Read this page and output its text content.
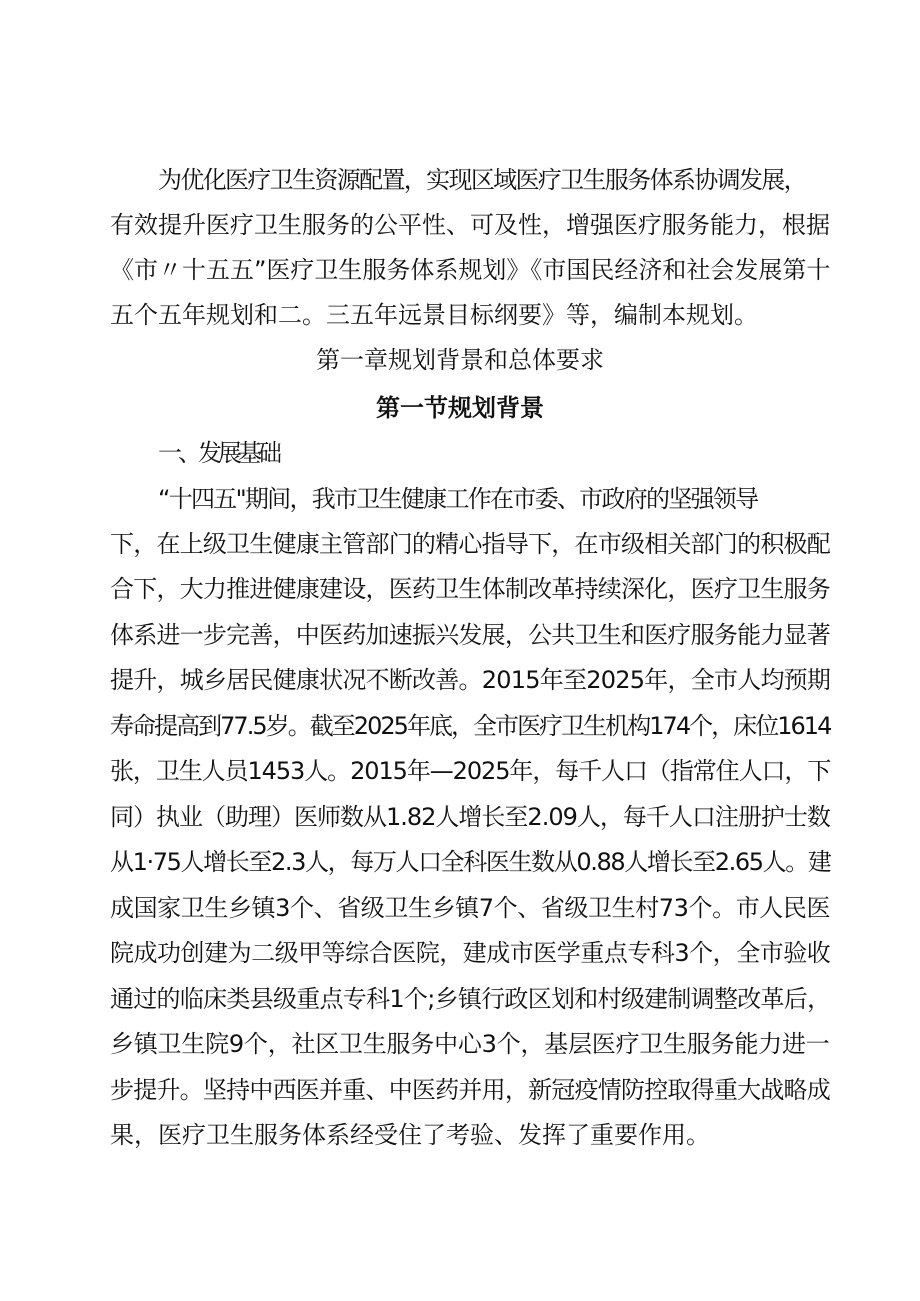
为优化医疗卫生资源配置，实现区域医疗卫生服务体系协调发展，
有效提升医疗卫生服务的公平性、可及性，增强医疗服务能力，根据
《市〃十五五”医疗卫生服务体系规划》《市国民经济和社会发展第十
五个五年规划和二。三五年远景目标纲要》等，编制本规划。
第一章规划背景和总体要求
第一节规划背景
一、发展基础
“十四五"期间，我市卫生健康工作在市委、市政府的坚强领导
下，在上级卫生健康主管部门的精心指导下，在市级相关部门的积极配
合下，大力推进健康建设，医药卫生体制改革持续深化，医疗卫生服务
体系进一步完善，中医药加速振兴发展，公共卫生和医疗服务能力显著
提升，城乡居民健康状况不断改善。2015年至2025年，全市人均预期
寿命提高到77.5岁。截至2025年底，全市医疗卫生机构174个，床位1614
张，卫生人员1453人。2015年—2025年，每千人口（指常住人口，下
同）执业（助理）医师数从1.82人增长至2.09人，每千人口注册护士数
从1·75人增长至2.3人，每万人口全科医生数从0.88人增长至2.65人。建
成国家卫生乡镇3个、省级卫生乡镇7个、省级卫生村73个。市人民医
院成功创建为二级甲等综合医院，建成市医学重点专科3个，全市验收
通过的临床类县级重点专科1个;乡镇行政区划和村级建制调整改革后，
乡镇卫生院9个，社区卫生服务中心3个，基层医疗卫生服务能力进一
步提升。坚持中西医并重、中医药并用，新冠疫情防控取得重大战略成
果，医疗卫生服务体系经受住了考验、发挥了重要作用。
